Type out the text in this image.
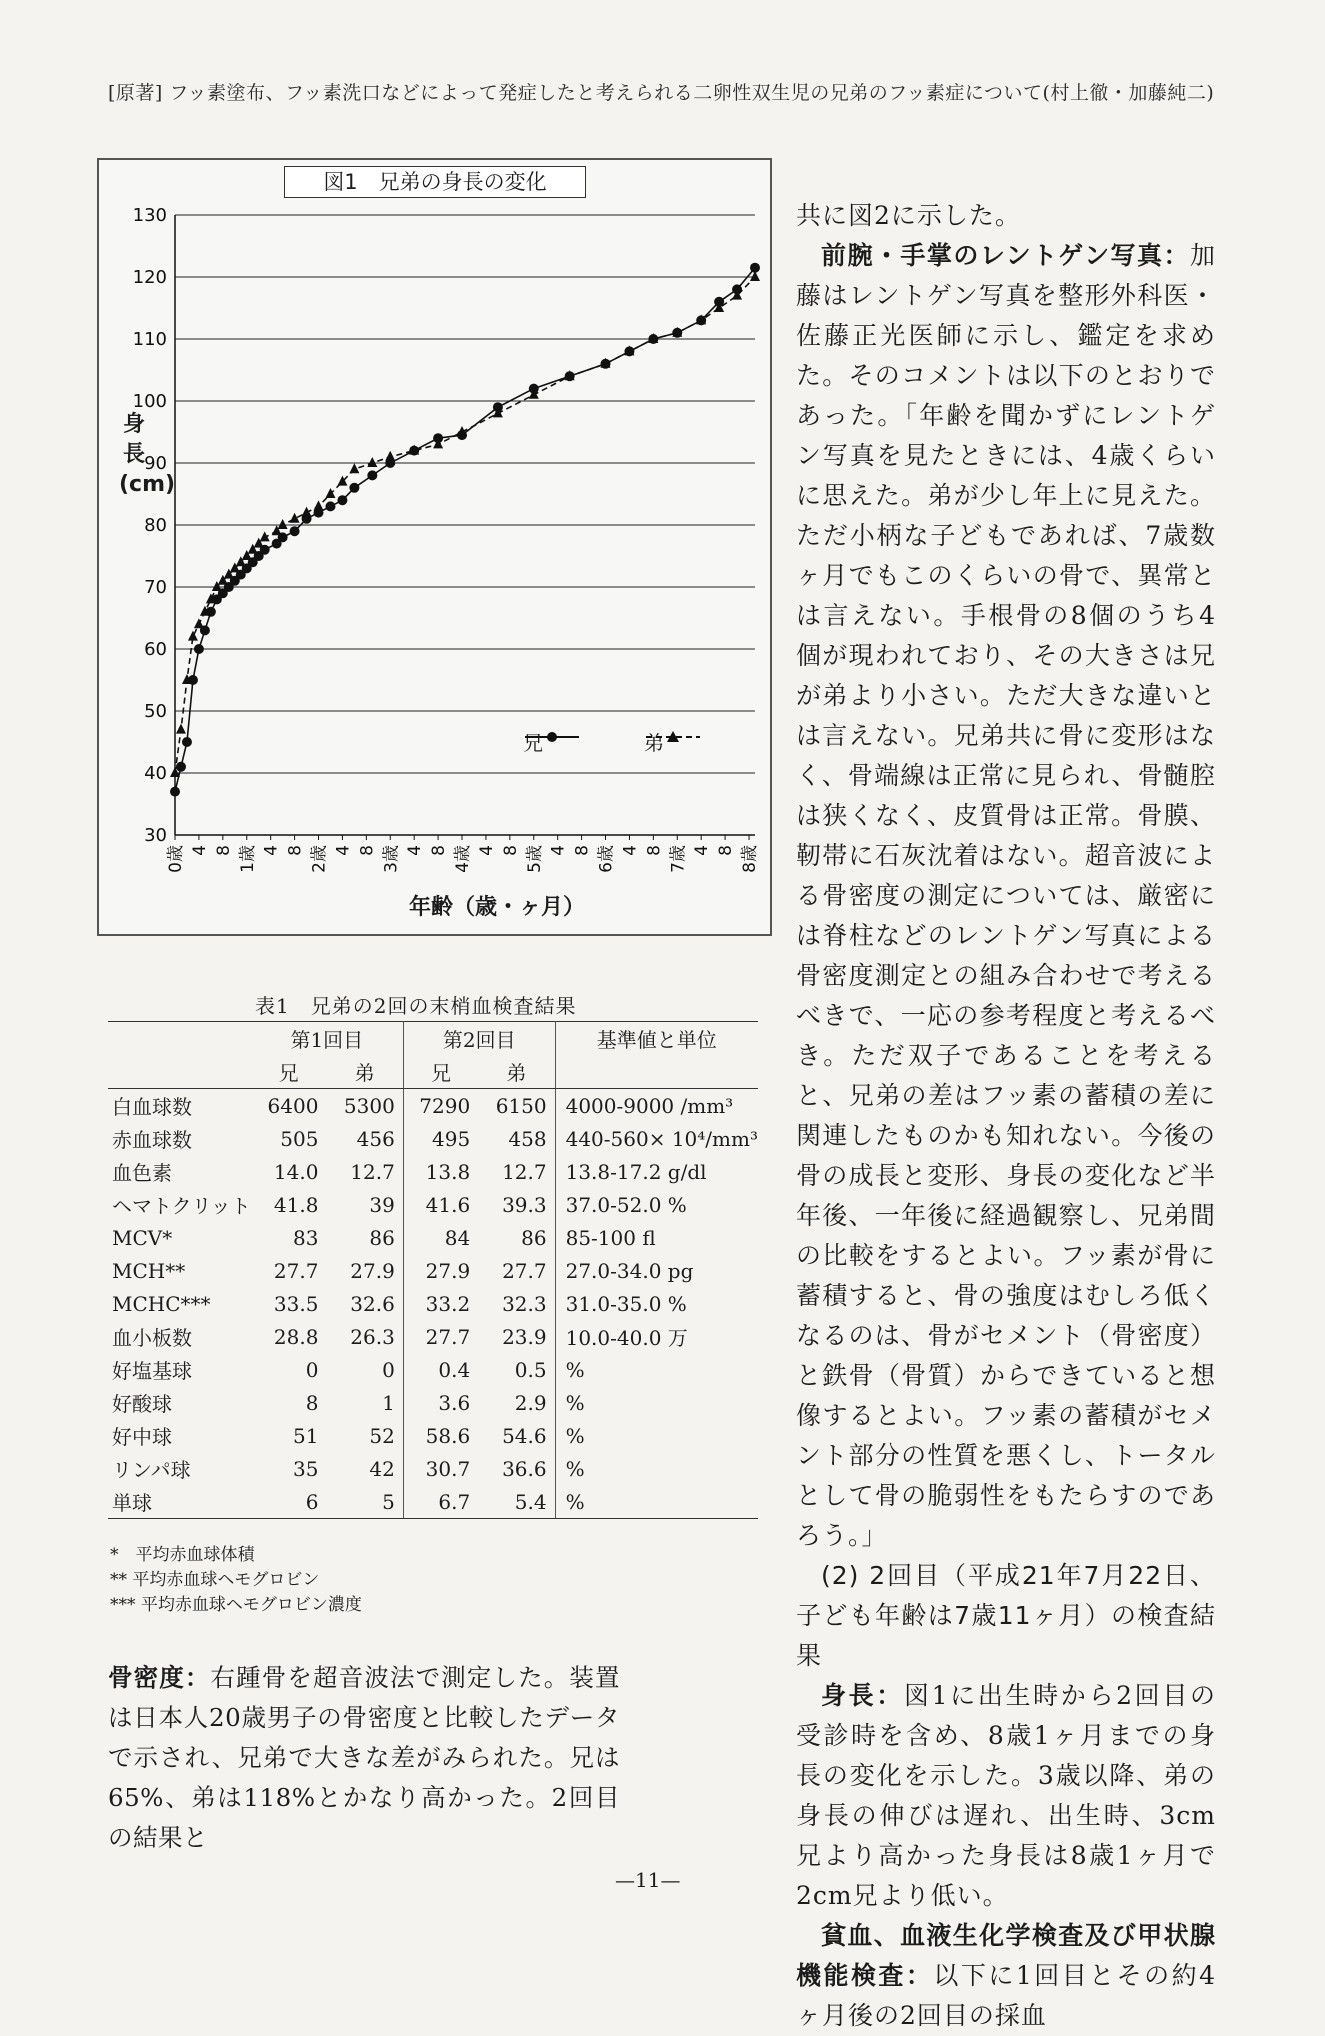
[原著] フッ素塗布、フッ素洗口などによって発症したと考えられる二卵性双生児の兄弟のフッ素症について(村上徹・加藤純二)
図1　兄弟の身長の変化
身長(cm)
30
40
50
60
70
80
90
100
110
120
130
0歳 4 8 1歳 4 8 2歳 4 8 3歳 4 8 4歳 4 8 5歳 4 8 6歳 4 8 7歳 4 8 8歳
兄	弟
年齢（歳・ヶ月）
表1　兄弟の2回の末梢血検査結果
	第1回目		第2回目		基準値と単位
	兄	弟	兄	弟	
白血球数	6400	5300	7290	6150	4000-9000 /mm³
赤血球数	505	456	495	458	440-560× 10⁴/mm³
血色素	14.0	12.7	13.8	12.7	13.8-17.2 g/dl
ヘマトクリット	41.8	39	41.6	39.3	37.0-52.0 %
MCV*	83	86	84	86	85-100 fl
MCH**	27.7	27.9	27.9	27.7	27.0-34.0 pg
MCHC***	33.5	32.6	33.2	32.3	31.0-35.0 %
血小板数	28.8	26.3	27.7	23.9	10.0-40.0 万
好塩基球	0	0	0.4	0.5	%
好酸球	8	1	3.6	2.9	%
好中球	51	52	58.6	54.6	%
リンパ球	35	42	30.7	36.6	%
単球	6	5	6.7	5.4	%
*　平均赤血球体積
** 平均赤血球ヘモグロビン
*** 平均赤血球ヘモグロビン濃度
骨密度：右踵骨を超音波法で測定した。装置は日本人20歳男子の骨密度と比較したデータで示され、兄弟で大きな差がみられた。兄は65%、弟は118%とかなり高かった。2回目の結果と

共に図2に示した。

前腕・手掌のレントゲン写真：加藤はレントゲン写真を整形外科医・佐藤正光医師に示し、鑑定を求めた。そのコメントは以下のとおりであった。「年齢を聞かずにレントゲン写真を見たときには、4歳くらいに思えた。弟が少し年上に見えた。ただ小柄な子どもであれば、7歳数ヶ月でもこのくらいの骨で、異常とは言えない。手根骨の8個のうち4個が現われており、その大きさは兄が弟より小さい。ただ大きな違いとは言えない。兄弟共に骨に変形はなく、骨端線は正常に見られ、骨髄腔は狭くなく、皮質骨は正常。骨膜、靭帯に石灰沈着はない。超音波による骨密度の測定については、厳密には脊柱などのレントゲン写真による骨密度測定との組み合わせで考えるべきで、一応の参考程度と考えるべき。ただ双子であることを考えると、兄弟の差はフッ素の蓄積の差に関連したものかも知れない。今後の骨の成長と変形、身長の変化など半年後、一年後に経過観察し、兄弟間の比較をするとよい。フッ素が骨に蓄積すると、骨の強度はむしろ低くなるのは、骨がセメント（骨密度）と鉄骨（骨質）からできていると想像するとよい。フッ素の蓄積がセメント部分の性質を悪くし、トータルとして骨の脆弱性をもたらすのであろう。」

(2) 2回目（平成21年7月22日、子ども年齢は7歳11ヶ月）の検査結果

身長：図1に出生時から2回目の受診時を含め、8歳1ヶ月までの身長の変化を示した。3歳以降、弟の身長の伸びは遅れ、出生時、3cm兄より高かった身長は8歳1ヶ月で2cm兄より低い。

貧血、血液生化学検査及び甲状腺機能検査：以下に1回目とその約4ヶ月後の2回目の採血

—11—
